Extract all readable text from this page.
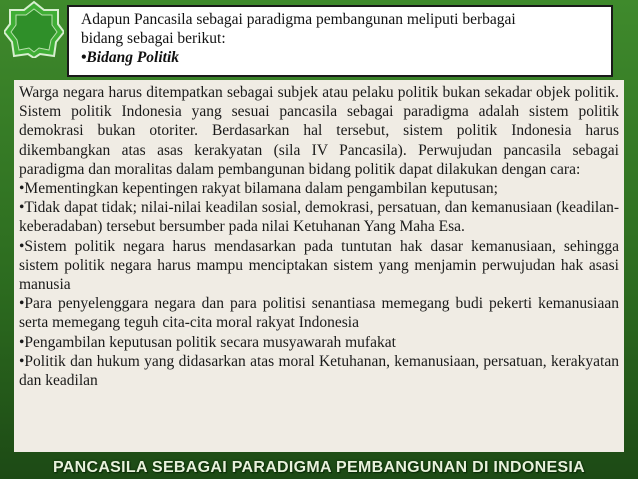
Adapun Pancasila sebagai paradigma pembangunan meliputi berbagai
bidang sebagai berikut:
•Bidang Politik

Warga negara harus ditempatkan sebagai subjek atau pelaku politik bukan sekadar objek politik. Sistem politik Indonesia yang sesuai pancasila sebagai paradigma adalah sistem politik demokrasi bukan otoriter. Berdasarkan hal tersebut, sistem politik Indonesia harus dikembangkan atas asas kerakyatan (sila IV Pancasila). Perwujudan pancasila sebagai paradigma dan moralitas dalam pembangunan bidang politik dapat dilakukan dengan cara:

•Mementingkan kepentingen rakyat bilamana dalam pengambilan keputusan;

•Tidak dapat tidak; nilai-nilai keadilan sosial, demokrasi, persatuan, dan kemanusiaan (keadilan-keberadaban) tersebut bersumber pada nilai Ketuhanan Yang Maha Esa.

•Sistem politik negara harus mendasarkan pada tuntutan hak dasar kemanusiaan, sehingga sistem politik negara harus mampu menciptakan sistem yang menjamin perwujudan hak asasi manusia

•Para penyelenggara negara dan para politisi senantiasa memegang budi pekerti kemanusiaan serta memegang teguh cita-cita moral rakyat Indonesia

•Pengambilan keputusan politik secara musyawarah mufakat

•Politik dan hukum yang didasarkan atas moral Ketuhanan, kemanusiaan, persatuan, kerakyatan dan keadilan

PANCASILA SEBAGAI PARADIGMA PEMBANGUNAN DI INDONESIA
